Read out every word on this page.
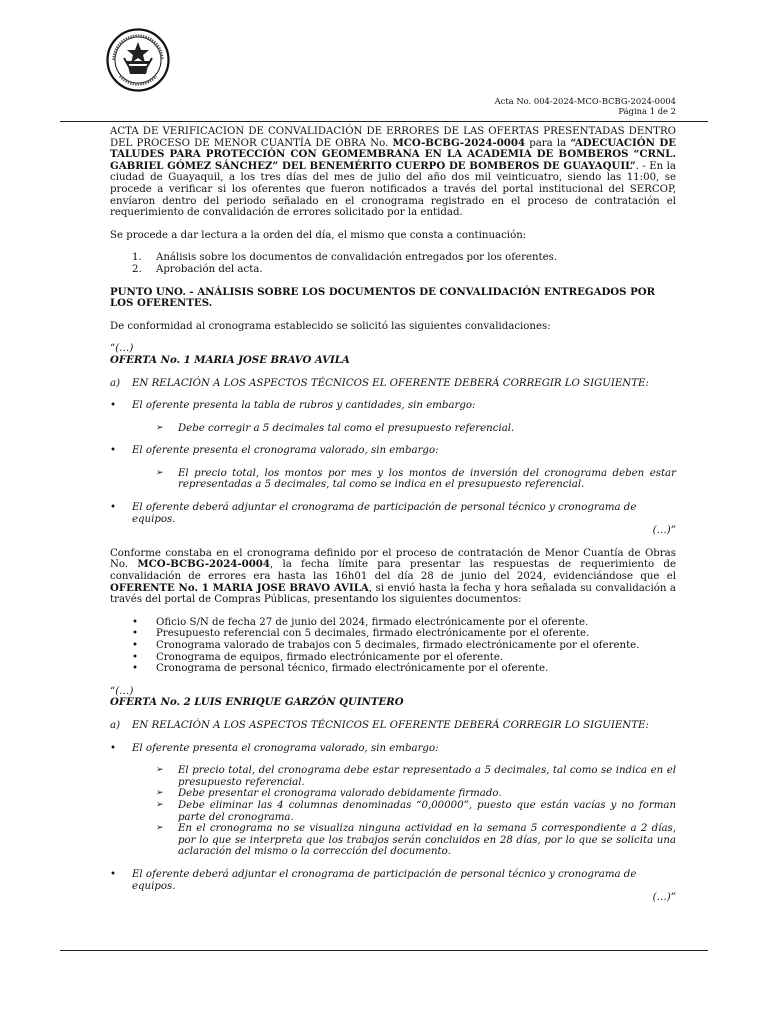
Acta No. 004-2024-MCO-BCBG-2024-0004
Página 1 de 2

ACTA DE VERIFICACION DE CONVALIDACIÓN DE ERRORES DE LAS OFERTAS PRESENTADAS DENTRO DEL PROCESO DE MENOR CUANTÍA DE OBRA No. MCO-BCBG-2024-0004 para la “ADECUACIÓN DE TALUDES PARA PROTECCIÓN CON GEOMEMBRANA EN LA ACADEMIA DE BOMBEROS “CRNL. GABRIEL GÓMEZ SÁNCHEZ” DEL BENEMÉRITO CUERPO DE BOMBEROS DE GUAYAQUIL”. - En la ciudad de Guayaquil, a los tres días del mes de julio del año dos mil veinticuatro, siendo las 11:00, se procede a verificar si los oferentes que fueron notificados a través del portal institucional del SERCOP, envíaron dentro del periodo señalado en el cronograma registrado en el proceso de contratación el requerimiento de convalidación de errores solicitado por la entidad.

Se procede a dar lectura a la orden del día, el mismo que consta a continuación:

1. Análisis sobre los documentos de convalidación entregados por los oferentes.
2. Aprobación del acta.

PUNTO UNO. - ANÁLISIS SOBRE LOS DOCUMENTOS DE CONVALIDACIÓN ENTREGADOS POR LOS OFERENTES.

De conformidad al cronograma establecido se solicitó las siguientes convalidaciones:

“(…)

OFERTA No. 1 MARIA JOSE BRAVO AVILA

a) EN RELACIÓN A LOS ASPECTOS TÉCNICOS EL OFERENTE DEBERÁ CORREGIR LO SIGUIENTE:

• El oferente presenta la tabla de rubros y cantidades, sin embargo:
➢ Debe corregir a 5 decimales tal como el presupuesto referencial.
• El oferente presenta el cronograma valorado, sin embargo:
➢ El precio total, los montos por mes y los montos de inversión del cronograma deben estar representadas a 5 decimales, tal como se indica en el presupuesto referencial.
• El oferente deberá adjuntar el cronograma de participación de personal técnico y cronograma de equipos.

(…)”

Conforme constaba en el cronograma definido por el proceso de contratación de Menor Cuantía de Obras No. MCO-BCBG-2024-0004, la fecha límite para presentar las respuestas de requerimiento de convalidación de errores era hasta las 16h01 del día 28 de junio del 2024, evidenciándose que el OFERENTE No. 1 MARIA JOSE BRAVO AVILA, si envió hasta la fecha y hora señalada su convalidación a través del portal de Compras Públicas, presentando los siguientes documentos:

• Oficio S/N de fecha 27 de junio del 2024, firmado electrónicamente por el oferente.
• Presupuesto referencial con 5 decimales, firmado electrónicamente por el oferente.
• Cronograma valorado de trabajos con 5 decimales, firmado electrónicamente por el oferente.
• Cronograma de equipos, firmado electrónicamente por el oferente.
• Cronograma de personal técnico, firmado electrónicamente por el oferente.

“(…)

OFERTA No. 2 LUIS ENRIQUE GARZÓN QUINTERO

a) EN RELACIÓN A LOS ASPECTOS TÉCNICOS EL OFERENTE DEBERÁ CORREGIR LO SIGUIENTE:

• El oferente presenta el cronograma valorado, sin embargo:
➢ El precio total, del cronograma debe estar representado a 5 decimales, tal como se indica en el presupuesto referencial.
➢ Debe presentar el cronograma valorado debidamente firmado.
➢ Debe eliminar las 4 columnas denominadas “0,00000”, puesto que están vacías y no forman parte del cronograma.
➢ En el cronograma no se visualiza ninguna actividad en la semana 5 correspondiente a 2 días, por lo que se interpreta que los trabajos serán concluidos en 28 días, por lo que se solicita una aclaración del mismo o la corrección del documento.
• El oferente deberá adjuntar el cronograma de participación de personal técnico y cronograma de equipos.

(…)”
